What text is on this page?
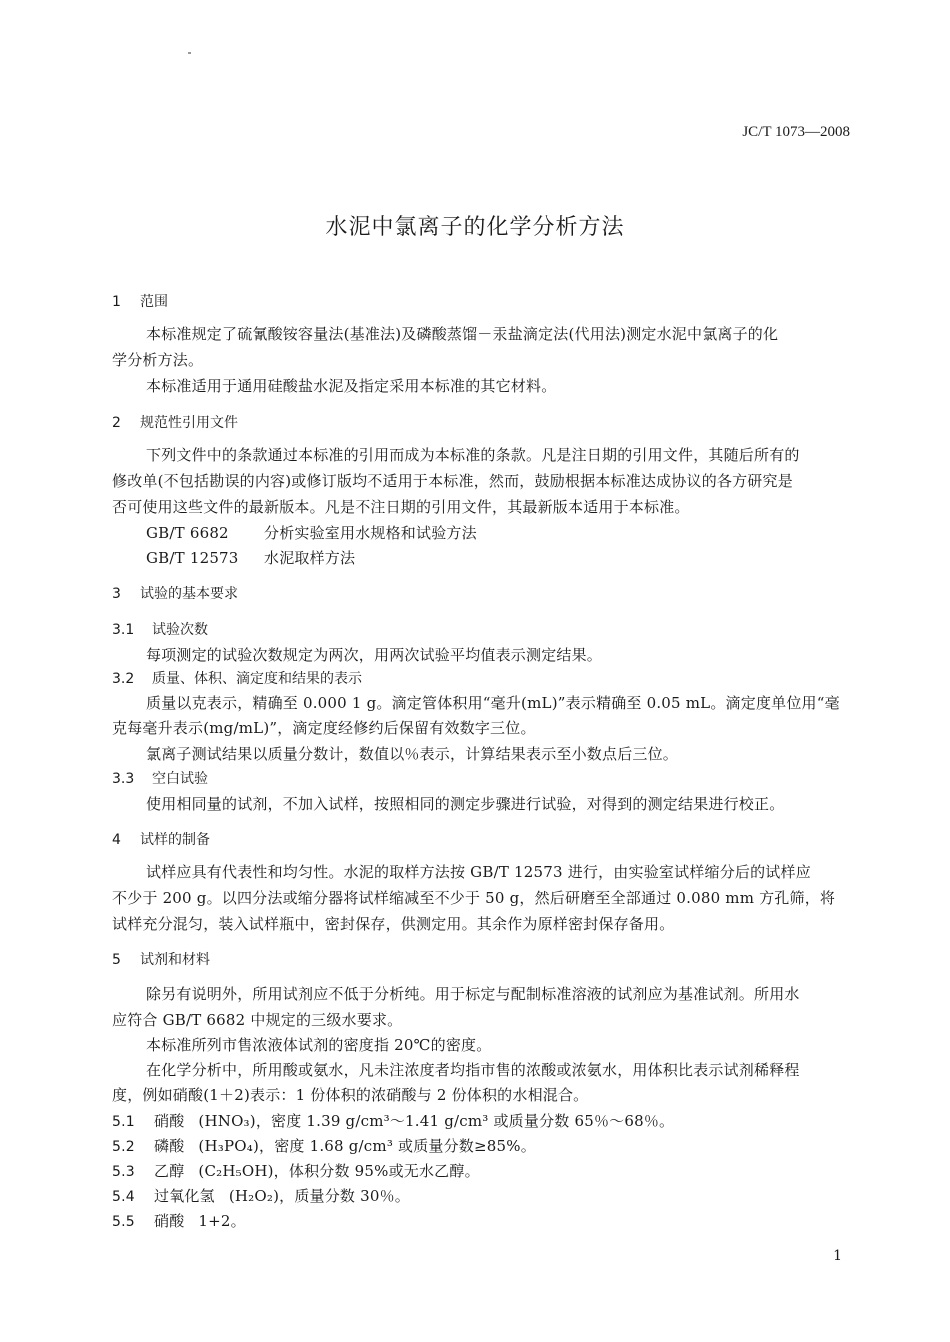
JC/T 1073—2008
水泥中氯离子的化学分析方法
1 范围
本标准规定了硫氰酸铵容量法(基准法)及磷酸蒸馏－汞盐滴定法(代用法)测定水泥中氯离子的化
学分析方法。
本标准适用于通用硅酸盐水泥及指定采用本标准的其它材料。
2 规范性引用文件
下列文件中的条款通过本标准的引用而成为本标准的条款。凡是注日期的引用文件，其随后所有的
修改单(不包括勘误的内容)或修订版均不适用于本标准，然而，鼓励根据本标准达成协议的各方研究是
否可使用这些文件的最新版本。凡是不注日期的引用文件，其最新版本适用于本标准。
GB/T 6682 分析实验室用水规格和试验方法
GB/T 12573 水泥取样方法
3 试验的基本要求
3.1 试验次数
每项测定的试验次数规定为两次，用两次试验平均值表示测定结果。
3.2 质量、体积、滴定度和结果的表示
质量以克表示，精确至 0.000 1 g。滴定管体积用“毫升(mL)”表示精确至 0.05 mL。滴定度单位用“毫
克每毫升表示(mg/mL)”，滴定度经修约后保留有效数字三位。
氯离子测试结果以质量分数计，数值以％表示，计算结果表示至小数点后三位。
3.3 空白试验
使用相同量的试剂，不加入试样，按照相同的测定步骤进行试验，对得到的测定结果进行校正。
4 试样的制备
试样应具有代表性和均匀性。水泥的取样方法按 GB/T 12573 进行，由实验室试样缩分后的试样应
不少于 200 g。以四分法或缩分器将试样缩减至不少于 50 g，然后研磨至全部通过 0.080 mm 方孔筛，将
试样充分混匀，装入试样瓶中，密封保存，供测定用。其余作为原样密封保存备用。
5 试剂和材料
除另有说明外，所用试剂应不低于分析纯。用于标定与配制标准溶液的试剂应为基准试剂。所用水
应符合 GB/T 6682 中规定的三级水要求。
本标准所列市售浓液体试剂的密度指 20℃的密度。
在化学分析中，所用酸或氨水，凡未注浓度者均指市售的浓酸或浓氨水，用体积比表示试剂稀释程
度，例如硝酸(1＋2)表示：1 份体积的浓硝酸与 2 份体积的水相混合。
5.1 硝酸 (HNO₃)，密度 1.39 g/cm³～1.41 g/cm³ 或质量分数 65％～68％。
5.2 磷酸 (H₃PO₄)，密度 1.68 g/cm³ 或质量分数≥85%。
5.3 乙醇 (C₂H₅OH)，体积分数 95%或无水乙醇。
5.4 过氧化氢 (H₂O₂)，质量分数 30％。
5.5 硝酸 1+2。
1
